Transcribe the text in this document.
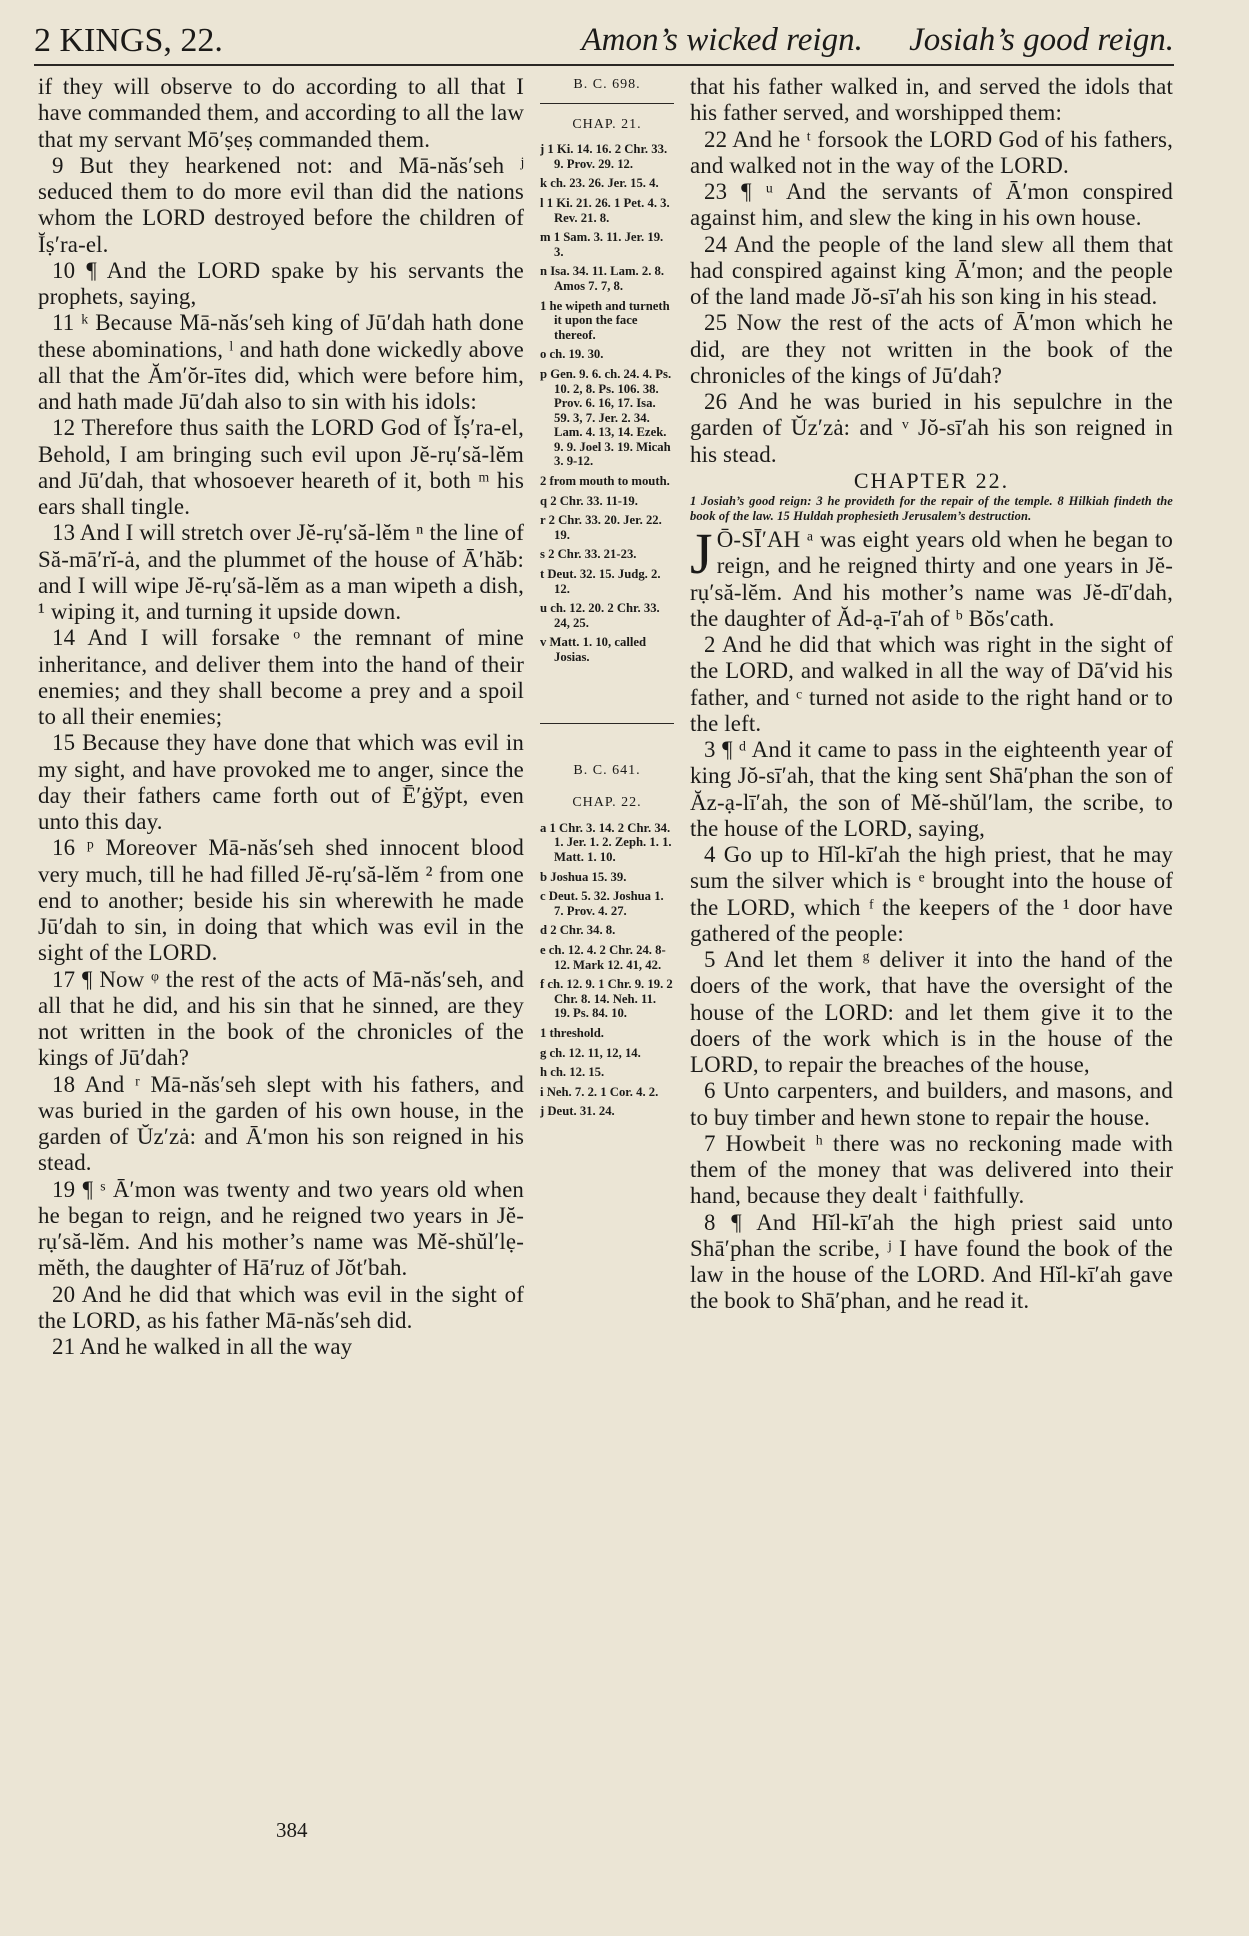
2 KINGS, 22.	Amon’s wicked reign. Josiah’s good reign.

if they will observe to do according to all that I have commanded them, and according to all the law that my servant Mō′ṣeṣ commanded them.

9 But they hearkened not: and Mā-năs′seh ʲ seduced them to do more evil than did the nations whom the LORD destroyed before the children of Ĭṣ′ra-el.

10 ¶ And the LORD spake by his servants the prophets, saying,

11 ᵏ Because Mā-năs′seh king of Jū′dah hath done these abominations, ˡ and hath done wickedly above all that the Ăm′ŏr-ītes did, which were before him, and hath made Jū′dah also to sin with his idols:

12 Therefore thus saith the LORD God of Ĭṣ′ra-el, Behold, I am bringing such evil upon Jĕ-rụ′să-lĕm and Jū′dah, that whosoever heareth of it, both ᵐ his ears shall tingle.

13 And I will stretch over Jĕ-rụ′să-lĕm ⁿ the line of Să-mā′rĭ-ȧ, and the plummet of the house of Ā′hăb: and I will wipe Jĕ-rụ′să-lĕm as a man wipeth a dish, ¹ wiping it, and turning it upside down.

14 And I will forsake ᵒ the remnant of mine inheritance, and deliver them into the hand of their enemies; and they shall become a prey and a spoil to all their enemies;

15 Because they have done that which was evil in my sight, and have provoked me to anger, since the day their fathers came forth out of Ē′ġўpt, even unto this day.

16 ᵖ Moreover Mā-năs′seh shed innocent blood very much, till he had filled Jĕ-rụ′să-lĕm ² from one end to another; beside his sin wherewith he made Jū′dah to sin, in doing that which was evil in the sight of the LORD.

17 ¶ Now ᵠ the rest of the acts of Mā-năs′seh, and all that he did, and his sin that he sinned, are they not written in the book of the chronicles of the kings of Jū′dah?

18 And ʳ Mā-năs′seh slept with his fathers, and was buried in the garden of his own house, in the garden of Ŭz′zȧ: and Ā′mon his son reigned in his stead.

19 ¶ ˢ Ā′mon was twenty and two years old when he began to reign, and he reigned two years in Jĕ-rụ′să-lĕm. And his mother’s name was Mĕ-shŭl′lẹ-mĕth, the daughter of Hā′ruz of Jŏt′bah.

20 And he did that which was evil in the sight of the LORD, as his father Mā-năs′seh did.

21 And he walked in all the way

B. C. 698.
CHAP. 21.
j 1 Ki. 14. 16. 2 Chr. 33. 9. Prov. 29. 12.
k ch. 23. 26. Jer. 15. 4.
l 1 Ki. 21. 26. 1 Pet. 4. 3. Rev. 21. 8.
m 1 Sam. 3. 11. Jer. 19. 3.
n Isa. 34. 11. Lam. 2. 8. Amos 7. 7, 8.
1 he wipeth and turneth it upon the face thereof.
o ch. 19. 30.
p Gen. 9. 6. ch. 24. 4. Ps. 10. 2, 8. Ps. 106. 38. Prov. 6. 16, 17. Isa. 59. 3, 7. Jer. 2. 34. Lam. 4. 13, 14. Ezek. 9. 9. Joel 3. 19. Micah 3. 9-12.
2 from mouth to mouth.
q 2 Chr. 33. 11-19.
r 2 Chr. 33. 20. Jer. 22. 19.
s 2 Chr. 33. 21-23.
t Deut. 32. 15. Judg. 2. 12.
u ch. 12. 20. 2 Chr. 33. 24, 25.
v Matt. 1. 10, called Josias.
B. C. 641.
CHAP. 22.
a 1 Chr. 3. 14. 2 Chr. 34. 1. Jer. 1. 2. Zeph. 1. 1. Matt. 1. 10.
b Joshua 15. 39.
c Deut. 5. 32. Joshua 1. 7. Prov. 4. 27.
d 2 Chr. 34. 8.
e ch. 12. 4. 2 Chr. 24. 8-12. Mark 12. 41, 42.
f ch. 12. 9. 1 Chr. 9. 19. 2 Chr. 8. 14. Neh. 11. 19. Ps. 84. 10.
1 threshold.
g ch. 12. 11, 12, 14.
h ch. 12. 15.
i Neh. 7. 2. 1 Cor. 4. 2.
j Deut. 31. 24.

that his father walked in, and served the idols that his father served, and worshipped them:

22 And he ᵗ forsook the LORD God of his fathers, and walked not in the way of the LORD.

23 ¶ ᵘ And the servants of Ā′mon conspired against him, and slew the king in his own house.

24 And the people of the land slew all them that had conspired against king Ā′mon; and the people of the land made Jŏ-sī′ah his son king in his stead.

25 Now the rest of the acts of Ā′mon which he did, are they not written in the book of the chronicles of the kings of Jū′dah?

26 And he was buried in his sepulchre in the garden of Ŭz′zȧ: and ᵛ Jŏ-sī′ah his son reigned in his stead.

CHAPTER 22.

1 Josiah’s good reign: 3 he provideth for the repair of the temple. 8 Hilkiah findeth the book of the law. 15 Huldah prophesieth Jerusalem’s destruction.

J Ō-SĪ′AH ᵃ was eight years old when he began to reign, and he reigned thirty and one years in Jĕ-rụ′să-lĕm. And his mother’s name was Jĕ-dī′dah, the daughter of Ăd-ạ-ī′ah of ᵇ Bŏs′cath.

2 And he did that which was right in the sight of the LORD, and walked in all the way of Dā′vid his father, and ᶜ turned not aside to the right hand or to the left.

3 ¶ ᵈ And it came to pass in the eighteenth year of king Jŏ-sī′ah, that the king sent Shā′phan the son of Ăz-ạ-lī′ah, the son of Mĕ-shŭl′lam, the scribe, to the house of the LORD, saying,

4 Go up to Hĭl-kī′ah the high priest, that he may sum the silver which is ᵉ brought into the house of the LORD, which ᶠ the keepers of the ¹ door have gathered of the people:

5 And let them ᵍ deliver it into the hand of the doers of the work, that have the oversight of the house of the LORD: and let them give it to the doers of the work which is in the house of the LORD, to repair the breaches of the house,

6 Unto carpenters, and builders, and masons, and to buy timber and hewn stone to repair the house.

7 Howbeit ʰ there was no reckoning made with them of the money that was delivered into their hand, because they dealt ⁱ faithfully.

8 ¶ And Hĭl-kī′ah the high priest said unto Shā′phan the scribe, ʲ I have found the book of the law in the house of the LORD. And Hĭl-kī′ah gave the book to Shā′phan, and he read it.

384
